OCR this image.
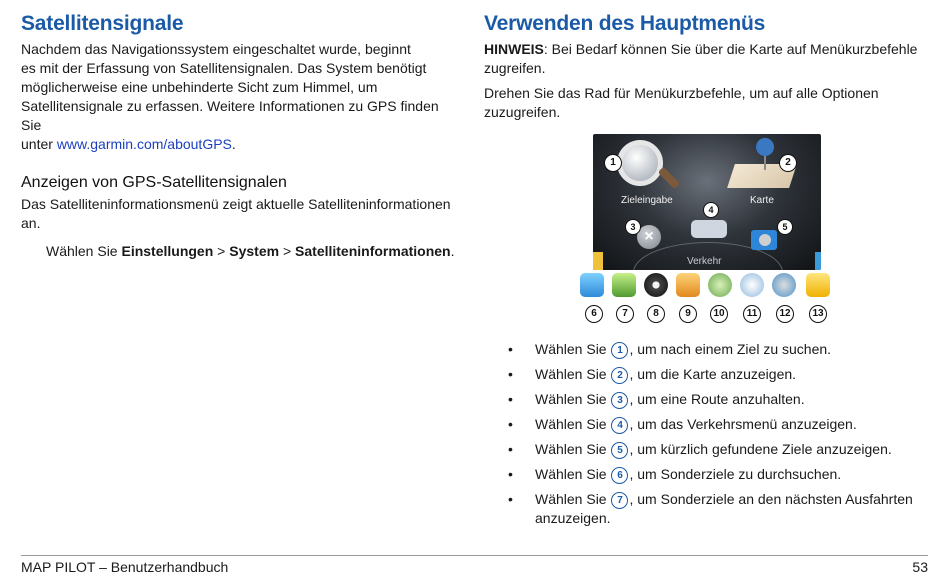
Satellitensignale

Nachdem das Navigationssystem eingeschaltet wurde, beginnt
es mit der Erfassung von Satellitensignalen. Das System benötigt
möglicherweise eine unbehinderte Sicht zum Himmel, um
Satellitensignale zu erfassen. Weitere Informationen zu GPS finden Sie
unter www.garmin.com/aboutGPS.

Anzeigen von GPS-Satellitensignalen

Das Satelliteninformationsmenü zeigt aktuelle Satelliteninformationen
an.

Wählen Sie Einstellungen > System > Satelliteninformationen.
Verwenden des Hauptmenüs

HINWEIS: Bei Bedarf können Sie über die Karte auf Menükurzbefehle
zugreifen.

Drehen Sie das Rad für Menükurzbefehle, um auf alle Optionen
zuzugreifen.

×
Zieleingabe	Karte
Verkehr
1	2
3
4
5
6	7	8	9	10	11	12	13
• Wählen Sie 1 , um nach einem Ziel zu suchen.
• Wählen Sie 2 , um die Karte anzuzeigen.
• Wählen Sie 3 , um eine Route anzuhalten.
• Wählen Sie 4 , um das Verkehrsmenü anzuzeigen.
• Wählen Sie 5 , um kürzlich gefundene Ziele anzuzeigen.
• Wählen Sie 6 , um Sonderziele zu durchsuchen.
• Wählen Sie 7 , um Sonderziele an den nächsten Ausfahrten anzuzeigen.
MAP PILOT – Benutzerhandbuch	53
